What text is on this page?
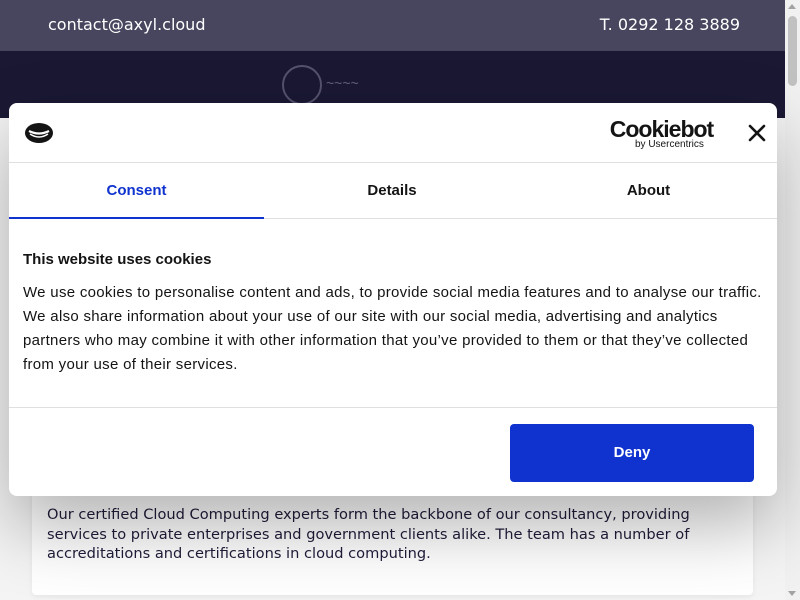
contact@axyl.cloud	T. 0292 128 3889
~~~~

Our certified Cloud Computing experts form the backbone of our consultancy, providing services to private enterprises and government clients alike. The team has a number of accreditations and certifications in cloud computing.

Cookiebot
by Usercentrics
Consent	Details	About
This website uses cookies

We use cookies to personalise content and ads, to provide social media features and to analyse our traffic. We also share information about your use of our site with our social media, advertising and analytics partners who may combine it with other information that you’ve provided to them or that they’ve collected from your use of their services.

Deny
